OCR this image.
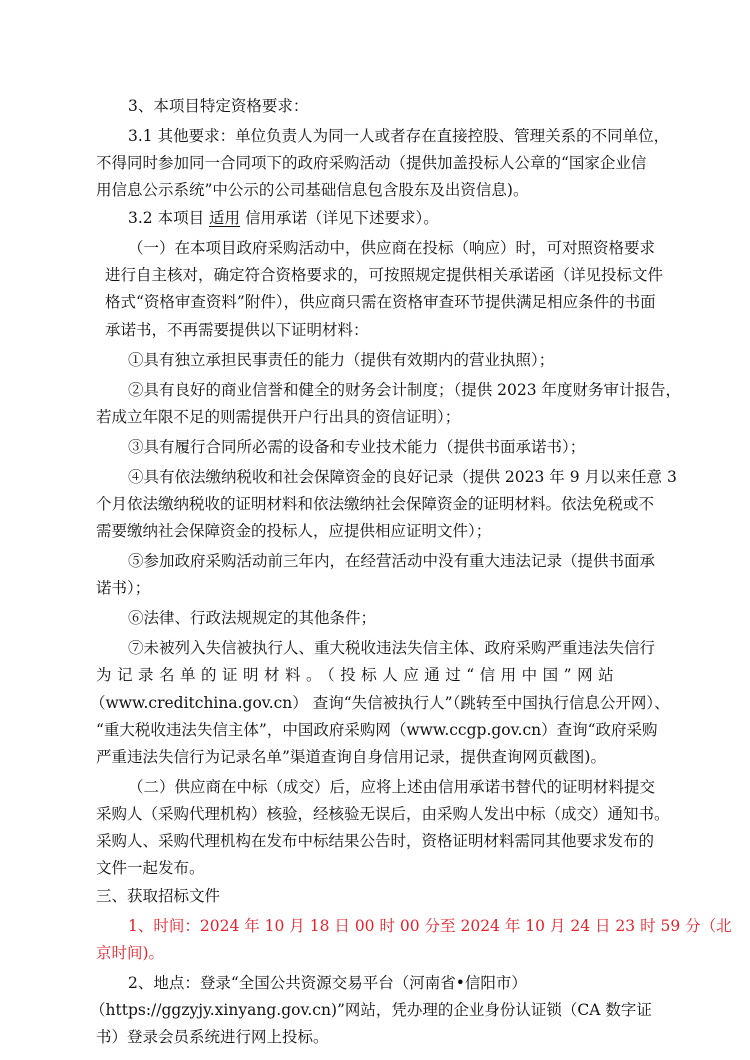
3、本项目特定资格要求：

3.1 其他要求：单位负责人为同一人或者存在直接控股、管理关系的不同单位，

不得同时参加同一合同项下的政府采购活动（提供加盖投标人公章的“国家企业信

用信息公示系统”中公示的公司基础信息包含股东及出资信息)。

3.2 本项目 适用 信用承诺（详见下述要求）。

（一）在本项目政府采购活动中，供应商在投标（响应）时，可对照资格要求

进行自主核对，确定符合资格要求的，可按照规定提供相关承诺函（详见投标文件

格式“资格审查资料”附件），供应商只需在资格审查环节提供满足相应条件的书面

承诺书，不再需要提供以下证明材料：

①具有独立承担民事责任的能力（提供有效期内的营业执照）；

②具有良好的商业信誉和健全的财务会计制度；（提供 2023 年度财务审计报告，

若成立年限不足的则需提供开户行出具的资信证明）；

③具有履行合同所必需的设备和专业技术能力（提供书面承诺书）；

④具有依法缴纳税收和社会保障资金的良好记录（提供 2023 年 9 月以来任意 3

个月依法缴纳税收的证明材料和依法缴纳社会保障资金的证明材料。依法免税或不

需要缴纳社会保障资金的投标人，应提供相应证明文件）；

⑤参加政府采购活动前三年内，在经营活动中没有重大违法记录（提供书面承

诺书）；

⑥法律、行政法规规定的其他条件；

⑦未被列入失信被执行人、重大税收违法失信主体、政府采购严重违法失信行

为记录名单的证明材料。（投标人应通过“信用中国”网站

（www.creditchina.gov.cn） 查询“失信被执行人”（跳转至中国执行信息公开网）、

“重大税收违法失信主体”，中国政府采购网（www.ccgp.gov.cn）查询“政府采购

严重违法失信行为记录名单”渠道查询自身信用记录，提供查询网页截图)。

（二）供应商在中标（成交）后，应将上述由信用承诺书替代的证明材料提交

采购人（采购代理机构）核验，经核验无误后，由采购人发出中标（成交）通知书。

采购人、采购代理机构在发布中标结果公告时，资格证明材料需同其他要求发布的

文件一起发布。

三、获取招标文件

1、时间：2024 年 10 月 18 日 00 时 00 分至 2024 年 10 月 24 日 23 时 59 分（北

京时间)。

2、地点：登录“全国公共资源交易平台（河南省•信阳市）

（https://ggzyjy.xinyang.gov.cn)”网站，凭办理的企业身份认证锁（CA 数字证

书）登录会员系统进行网上投标。
